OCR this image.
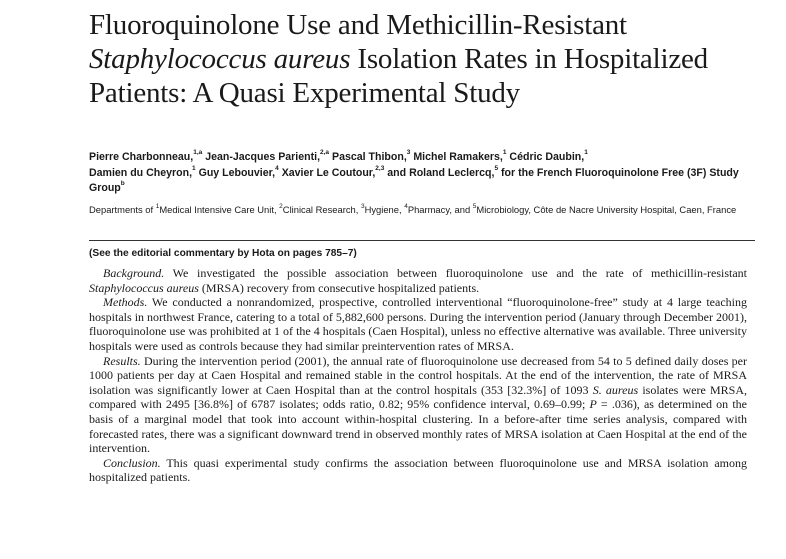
Fluoroquinolone Use and Methicillin-Resistant
Staphylococcus aureus Isolation Rates in Hospitalized Patients: A Quasi Experimental Study
Pierre Charbonneau,$^{1,a}$ Jean-Jacques Parienti,$^{2,a}$ Pascal Thibon,$^3$ Michel Ramakers,$^1$ Cédric Daubin,$^1$
Damien du Cheyron,$^1$ Guy Lebouvier,$^4$ Xavier Le Coutour,$^{2,3}$ and Roland Leclercq,$^5$ for the French Fluoroquinolone Free (3F) Study Group$^b$
Departments of $^1$Medical Intensive Care Unit, $^2$Clinical Research, $^3$Hygiene, $^4$Pharmacy, and $^5$Microbiology, Côte de Nacre University Hospital, Caen, France
(See the editorial commentary by Hota on pages 785–7)

Background. We investigated the possible association between fluoroquinolone use and the rate of methicillin-resistant Staphylococcus aureus (MRSA) recovery from consecutive hospitalized patients.

Methods. We conducted a nonrandomized, prospective, controlled interventional “fluoroquinolone-free” study at 4 large teaching hospitals in northwest France, catering to a total of 5,882,600 persons. During the intervention period (January through December 2001), fluoroquinolone use was prohibited at 1 of the 4 hospitals (Caen Hospital), unless no effective alternative was available. Three university hospitals were used as controls because they had similar preintervention rates of MRSA.

Results. During the intervention period (2001), the annual rate of fluoroquinolone use decreased from 54 to 5 defined daily doses per 1000 patients per day at Caen Hospital and remained stable in the control hospitals. At the end of the intervention, the rate of MRSA isolation was significantly lower at Caen Hospital than at the control hospitals (353 [32.3%] of 1093 S. aureus isolates were MRSA, compared with 2495 [36.8%] of 6787 isolates; odds ratio, 0.82; 95% confidence interval, 0.69–0.99; P = .036), as determined on the basis of a marginal model that took into account within-hospital clustering. In a before-after time series analysis, compared with forecasted rates, there was a significant downward trend in observed monthly rates of MRSA isolation at Caen Hospital at the end of the intervention.

Conclusion. This quasi experimental study confirms the association between fluoroquinolone use and MRSA isolation among hospitalized patients.
